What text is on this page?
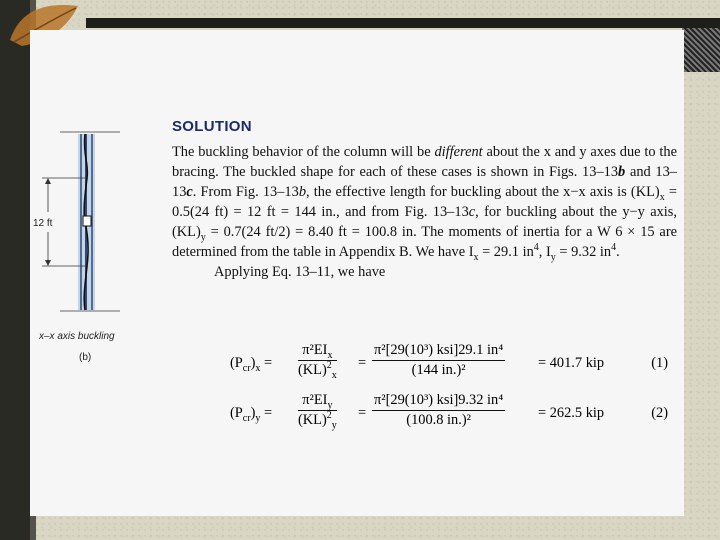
12 ft
x–x axis buckling
(b)
SOLUTION
The buckling behavior of the column will be different about the x and y axes due to the bracing. The buckled shape for each of these cases is shown in Figs. 13–13b and 13–13c. From Fig. 13–13b, the effective length for buckling about the x−x axis is $(KL)_x = 0.5(24$ ft) = 12 ft = 144 in., and from Fig. 13–13c, for buckling about the y−y axis, $(KL)_y = 0.7(24$ ft/2) = 8.40 ft = 100.8 in. The moments of inertia for a W 6 × 15 are determined from the table in Appendix B. We have $I_x = 29.1$ $in^4$, $I_y = 9.32$ $in^4$.
Applying Eq. 13–11, we have
$(P_{cr})_x$ =
$\pi^2EI_x$
(KL)$^2_x$
=
π²[29(10³) ksi]29.1 in⁴
(144 in.)²	= 401.7 kip	(1)
$(P_{cr})_y$ =
$\pi^2EI_y$
(KL)$^2_y$
=
π²[29(10³) ksi]9.32 in⁴
(100.8 in.)²	= 262.5 kip	(2)
